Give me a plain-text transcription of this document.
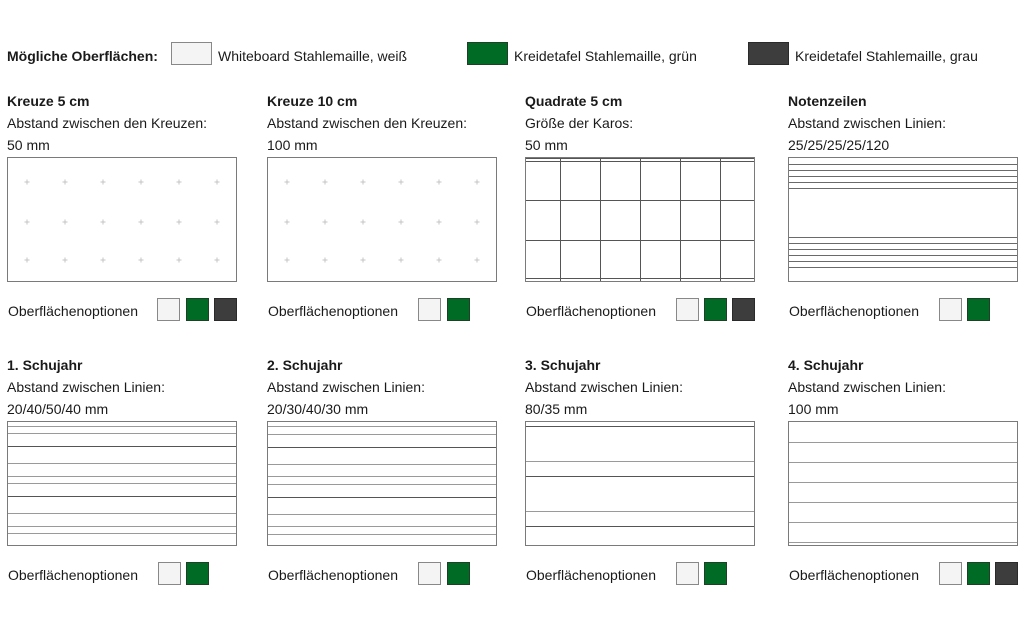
Mögliche Oberflächen:	Whiteboard Stahlemaille, weiß	Kreidetafel Stahlemaille, grün	Kreidetafel Stahlemaille, grau
Kreuze 5 cm
Abstand zwischen den Kreuzen:
50 mm
Oberflächenoptionen
Kreuze 10 cm
Abstand zwischen den Kreuzen:
100 mm
Oberflächenoptionen
Quadrate 5 cm
Größe der Karos:
50 mm
Oberflächenoptionen
Notenzeilen
Abstand zwischen Linien:
25/25/25/25/120
Oberflächenoptionen
1. Schujahr
Abstand zwischen Linien:
20/40/50/40 mm
Oberflächenoptionen
2. Schujahr
Abstand zwischen Linien:
20/30/40/30 mm
Oberflächenoptionen
3. Schujahr
Abstand zwischen Linien:
80/35 mm
Oberflächenoptionen
4. Schujahr
Abstand zwischen Linien:
100 mm
Oberflächenoptionen
